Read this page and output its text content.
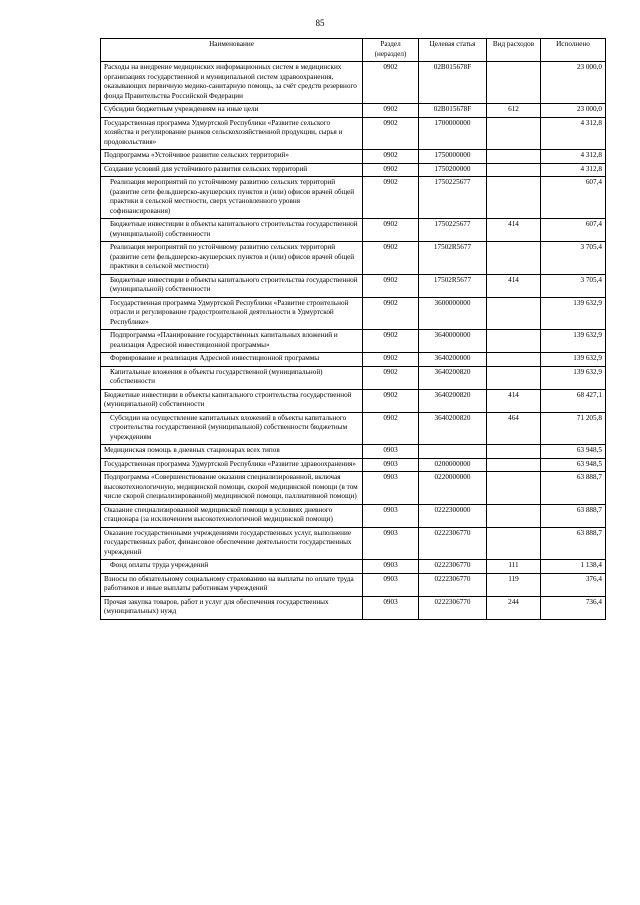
85
Наименование	Раздел (нераздел)	Целевая статья	Вид расходов	Исполнено
Расходы на внедрение медицинских информационных систем в медицинских организациях государственной и муниципальной систем здравоохранения, оказывающих первичную медико-санитарную помощь, за счёт средств резервного фонда Правительства Российской Федерации	0902	02В015678F		23 000,0
Субсидии бюджетным учреждениям на иные цели	0902	02В015678F	612	23 000,0
Государственная программа Удмуртской Республики «Развитие сельского хозяйства и регулирование рынков сельскохозяйственной продукции, сырья и продовольствия»	0902	1700000000		4 312,8
Подпрограмма «Устойчивое развитие сельских территорий»	0902	1750000000		4 312,8
Создание условий для устойчивого развития сельских территорий	0902	1750200000		4 312,8
Реализация мероприятий по устойчивому развитию сельских территорий (развитие сети фельдшерско-акушерских пунктов и (или) офисов врачей общей практики в сельской местности, сверх установленного уровня софинансирования)	0902	1750225677		607,4
Бюджетные инвестиции в объекты капитального строительства государственной (муниципальной) собственности	0902	1750225677	414	607,4
Реализация мероприятий по устойчивому развитию сельских территорий (развитие сети фельдшерско-акушерских пунктов и (или) офисов врачей общей практики в сельской местности)	0902	17502R5677		3 705,4
Бюджетные инвестиции в объекты капитального строительства государственной (муниципальной) собственности	0902	17502R5677	414	3 705,4
Государственная программа Удмуртской Республики «Развитие строительной отрасли и регулирование градостроительной деятельности в Удмуртской Республике»	0902	3600000000		139 632,9
Подпрограмма «Планирование государственных капитальных вложений и реализация Адресной инвестиционной программы»	0902	3640000000		139 632,9
Формирование и реализация Адресной инвестиционной программы	0902	3640200000		139 632,9
Капитальные вложения в объекты государственной (муниципальной) собственности	0902	3640200820		139 632,9
Бюджетные инвестиции в объекты капитального строительства государственной (муниципальной) собственности	0902	3640200820	414	68 427,1
Субсидии на осуществление капитальных вложений в объекты капитального строительства государственной (муниципальной) собственности бюджетным учреждениям	0902	3640200820	464	71 205,8
Медицинская помощь в дневных стационарах всех типов	0903			63 948,5
Государственная программа Удмуртской Республики «Развитие здравоохранения»	0903	0200000000		63 948,5
Подпрограмма «Совершенствование оказания специализированной, включая высокотехнологичную, медицинской помощи, скорой медицинской помощи (в том числе скорой специализированной) медицинской помощи, паллиативной помощи)	0903	0220000000		63 888,7
Оказание специализированной медицинской помощи в условиях дневного стационара (за исключением высокотехнологичной медицинской помощи)	0903	0222300000		63 888,7
Оказание государственными учреждениями государственных услуг, выполнение государственных работ, финансовое обеспечение деятельности государственных учреждений	0903	0222306770		63 888,7
Фонд оплаты труда учреждений	0903	0222306770	111	1 138,4
Взносы по обязательному социальному страхованию на выплаты по оплате труда работников и иные выплаты работникам учреждений	0903	0222306770	119	376,4
Прочая закупка товаров, работ и услуг для обеспечения государственных (муниципальных) нужд	0903	0222306770	244	736,4
